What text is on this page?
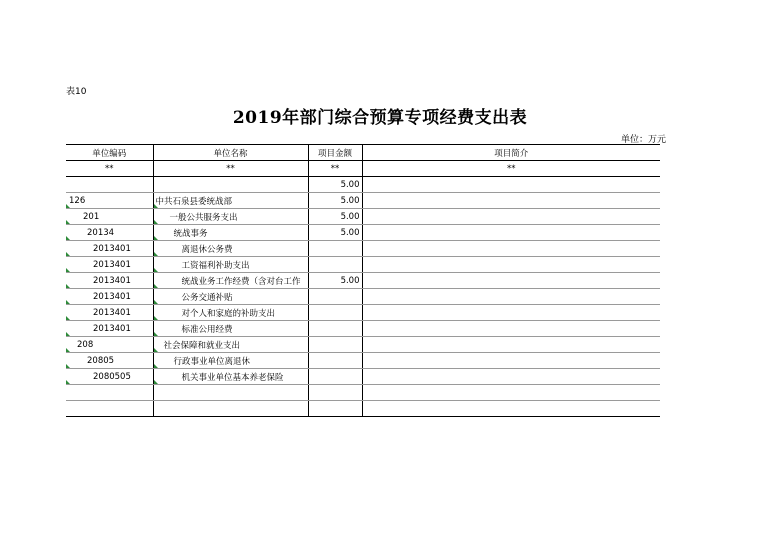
表10
2019年部门综合预算专项经费支出表
单位：万元
单位编码	单位名称	项目金额	项目简介
**	**	**	**
		5.00	
126	中共石泉县委统战部	5.00	
201	一般公共服务支出	5.00	
20134	统战事务	5.00	
2013401	离退休公务费

2013401	工资福利补助支出

2013401	统战业务工作经费（含对台工作	5.00	
2013401	公务交通补贴

2013401	对个人和家庭的补助支出

2013401	标准公用经费

208	社会保障和就业支出

20805	行政事业单位离退休

2080505	机关事业单位基本养老保险
